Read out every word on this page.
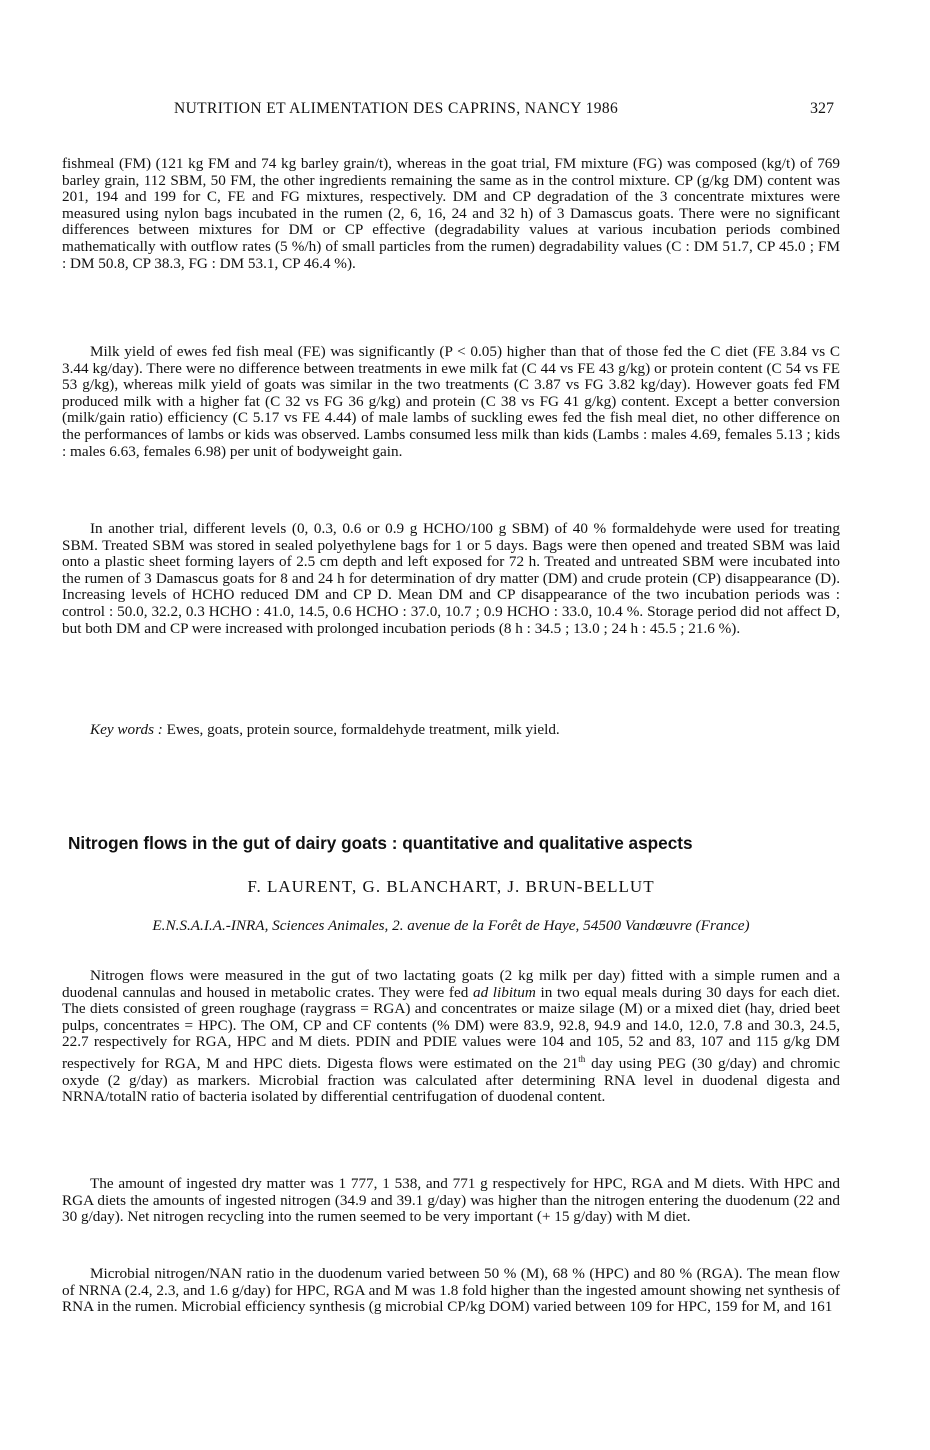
NUTRITION ET ALIMENTATION DES CAPRINS, NANCY 1986	327

fishmeal (FM) (121 kg FM and 74 kg barley grain/t), whereas in the goat trial, FM mixture (FG) was composed (kg/t) of 769 barley grain, 112 SBM, 50 FM, the other ingredients remaining the same as in the control mixture. CP (g/kg DM) content was 201, 194 and 199 for C, FE and FG mixtures, respectively. DM and CP degradation of the 3 concentrate mixtures were measured using nylon bags incubated in the rumen (2, 6, 16, 24 and 32 h) of 3 Damascus goats. There were no significant differences between mixtures for DM or CP effective (degradability values at various incubation periods combined mathematically with outflow rates (5 %/h) of small particles from the rumen) degradability values (C : DM 51.7, CP 45.0 ; FM : DM 50.8, CP 38.3, FG : DM 53.1, CP 46.4 %).

Milk yield of ewes fed fish meal (FE) was significantly (P < 0.05) higher than that of those fed the C diet (FE 3.84 vs C 3.44 kg/day). There were no difference between treatments in ewe milk fat (C 44 vs FE 43 g/kg) or protein content (C 54 vs FE 53 g/kg), whereas milk yield of goats was similar in the two treatments (C 3.87 vs FG 3.82 kg/day). However goats fed FM produced milk with a higher fat (C 32 vs FG 36 g/kg) and protein (C 38 vs FG 41 g/kg) content. Except a better conversion (milk/gain ratio) efficiency (C 5.17 vs FE 4.44) of male lambs of suckling ewes fed the fish meal diet, no other difference on the performances of lambs or kids was observed. Lambs consumed less milk than kids (Lambs : males 4.69, females 5.13 ; kids : males 6.63, females 6.98) per unit of bodyweight gain.

In another trial, different levels (0, 0.3, 0.6 or 0.9 g HCHO/100 g SBM) of 40 % formaldehyde were used for treating SBM. Treated SBM was stored in sealed polyethylene bags for 1 or 5 days. Bags were then opened and treated SBM was laid onto a plastic sheet forming layers of 2.5 cm depth and left exposed for 72 h. Treated and untreated SBM were incubated into the rumen of 3 Damascus goats for 8 and 24 h for determination of dry matter (DM) and crude protein (CP) disappearance (D). Increasing levels of HCHO reduced DM and CP D. Mean DM and CP disappearance of the two incubation periods was : control : 50.0, 32.2, 0.3 HCHO : 41.0, 14.5, 0.6 HCHO : 37.0, 10.7 ; 0.9 HCHO : 33.0, 10.4 %. Storage period did not affect D, but both DM and CP were increased with prolonged incubation periods (8 h : 34.5 ; 13.0 ; 24 h : 45.5 ; 21.6 %).

Key words : Ewes, goats, protein source, formaldehyde treatment, milk yield.

Nitrogen flows in the gut of dairy goats : quantitative and qualitative aspects
F. LAURENT, G. BLANCHART, J. BRUN-BELLUT
E.N.S.A.I.A.-INRA, Sciences Animales, 2. avenue de la Forêt de Haye, 54500 Vandœuvre (France)

Nitrogen flows were measured in the gut of two lactating goats (2 kg milk per day) fitted with a simple rumen and a duodenal cannulas and housed in metabolic crates. They were fed ad libitum in two equal meals during 30 days for each diet. The diets consisted of green roughage (raygrass = RGA) and concentrates or maize silage (M) or a mixed diet (hay, dried beet pulps, concentrates = HPC). The OM, CP and CF contents (% DM) were 83.9, 92.8, 94.9 and 14.0, 12.0, 7.8 and 30.3, 24.5, 22.7 respectively for RGA, HPC and M diets. PDIN and PDIE values were 104 and 105, 52 and 83, 107 and 115 g/kg DM respectively for RGA, M and HPC diets. Digesta flows were estimated on the 21th day using PEG (30 g/day) and chromic oxyde (2 g/day) as markers. Microbial fraction was calculated after determining RNA level in duodenal digesta and NRNA/totalN ratio of bacteria isolated by differential centrifugation of duodenal content.

The amount of ingested dry matter was 1 777, 1 538, and 771 g respectively for HPC, RGA and M diets. With HPC and RGA diets the amounts of ingested nitrogen (34.9 and 39.1 g/day) was higher than the nitrogen entering the duodenum (22 and 30 g/day). Net nitrogen recycling into the rumen seemed to be very important (+ 15 g/day) with M diet.

Microbial nitrogen/NAN ratio in the duodenum varied between 50 % (M), 68 % (HPC) and 80 % (RGA). The mean flow of NRNA (2.4, 2.3, and 1.6 g/day) for HPC, RGA and M was 1.8 fold higher than the ingested amount showing net synthesis of RNA in the rumen. Microbial efficiency synthesis (g microbial CP/kg DOM) varied between 109 for HPC, 159 for M, and 161
